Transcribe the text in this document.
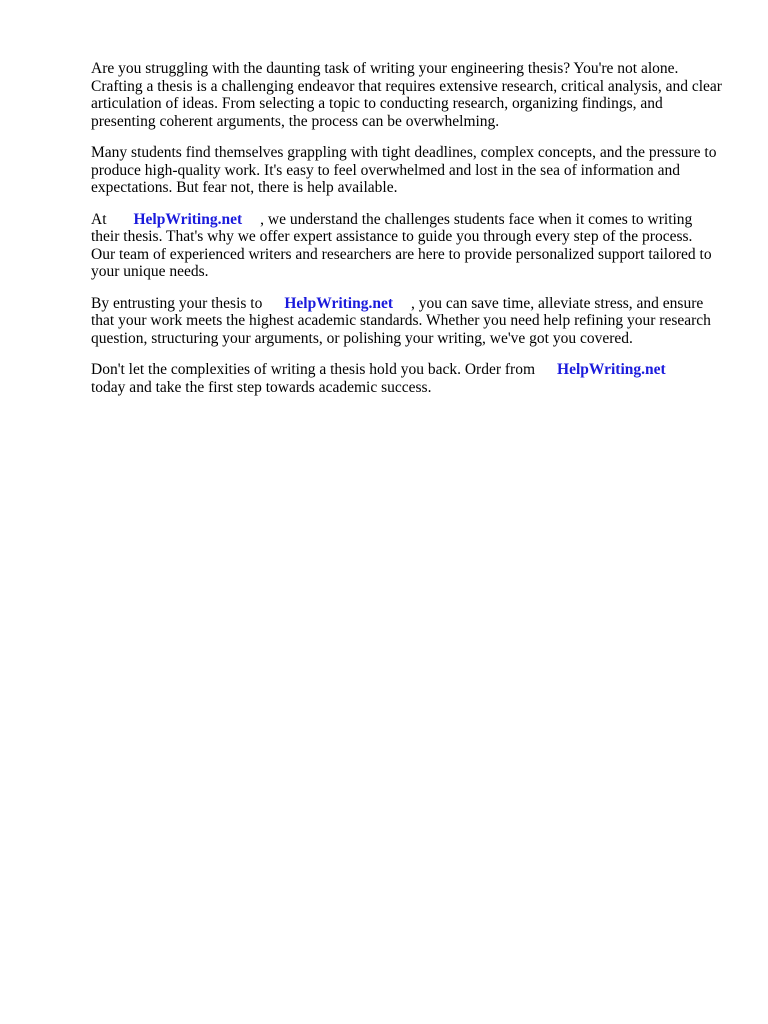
Are you struggling with the daunting task of writing your engineering thesis? You're not alone.
Crafting a thesis is a challenging endeavor that requires extensive research, critical analysis, and clear
articulation of ideas. From selecting a topic to conducting research, organizing findings, and
presenting coherent arguments, the process can be overwhelming.

Many students find themselves grappling with tight deadlines, complex concepts, and the pressure to
produce high-quality work. It's easy to feel overwhelmed and lost in the sea of information and
expectations. But fear not, there is help available.

At HelpWriting.net , we understand the challenges students face when it comes to writing
their thesis. That's why we offer expert assistance to guide you through every step of the process.
Our team of experienced writers and researchers are here to provide personalized support tailored to
your unique needs.

By entrusting your thesis to HelpWriting.net , you can save time, alleviate stress, and ensure
that your work meets the highest academic standards. Whether you need help refining your research
question, structuring your arguments, or polishing your writing, we've got you covered.

Don't let the complexities of writing a thesis hold you back. Order from HelpWriting.net
today and take the first step towards academic success.
